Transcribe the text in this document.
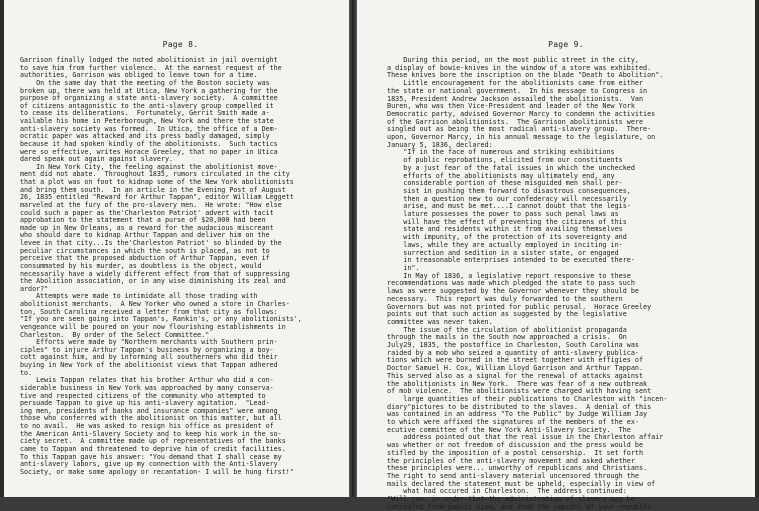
Page 8.
Garrison finally lodged the noted abolitionist in jail overnight
to save him from further violence.  At the earnest request of the
authorities, Garrison was obliged to leave town for a time.
On the same day that the meeting of the Boston society was
broken up, there was held at Utica, New York a gathering for the
purpose of organizing a state anti-slavery society.  A committee
of citizens antagonistic to the anti-slavery group compelled it
to cease its deliberations.  Fortunately, Gerrit Smith made a-
vailable his home in Peterborough, New York and there the state
anti-slavery society was formed.  In Utica, the office of a Dem-
ocratic paper was attacked and its press badly damaged, simply
because it had spoken kindly of the abolitionists.  Such tactics
were so effective, writes Horace Greeley, that no paper in Utica
dared speak out again against slavery.
In New York City, the feeling against the abolitionist move-
ment did not abate.  Throughout 1835, rumors circulated in the city
that a plot was on foot to kidnap some of the New York abolitionists
and bring them south.  In an article in the Evening Post of August
26, 1835 entitled "Reward for Arthur Tappan", editor William Leggett
marveled at the fury of the pro-slavery men.  He wrote: "How else
could such a paper as the'Charleston Patriot' advert with tacit
approbation to the statement that a purse of $20,000 had been
made up in New Orleans, as a reward for the audacious miscreant
who should dare to kidnap Arthur Tappan and deliver him on the
levee in that city...Is the'Charleston Patriot' so blinded by the
peculiar circumstances in which the south is placed, as not to
perceive that the proposed abduction of Arthur Tappan, even if
consummated by his murder, as doubtless is the object, would
necessarily have a widely different effect from that of suppressing
the Abolition association, or in any wise diminishing its zeal and
ardor?"
Attempts were made to intimidate all those trading with
abolitionist merchants.  A New Yorker who owned a store in Charles-
ton, South Carolina received a letter from that city as follows:
"If you are seen going into Tappan's, Rankin's, or any abolitionists',
vengeance will be poured on your now flourishing establishments in
Charleston.  By order of the Select Committee."
Efforts were made by "Northern merchants with Southern prin-
ciples" to injure Arthur Tappan's business by organizing a boy-
cott against him, and by informing all southerners who did their
buying in New York of the abolitionist views that Tappan adhered
to.
Lewis Tappan relates that his brother Arthur who did a con-
siderable business in New York was approached by many conserva-
tive and respected citizens of the community who attempted to
persuade Tappan to give up his anti-slavery agitation.  "Lead-
ing men, presidents of banks and insurance companies" were among
those who conferred with the abolitionist on this matter, but all
to no avail.  He was asked to resign his office as president of
the American Anti-Slavery Society and to keep his work in the so-
ciety secret.  A committee made up of representatives of the banks
came to Tappan and threatened to deprive him of credit facilities.
To this Tappan gave his answer: "You demand that I shall cease my
anti-slavery labors, give up my connection with the Anti-Slavery
Society, or make some apology or recantation- I will be hung first!"
Page 9.
During this period, on the most public street in the city,
a display of bowie-knives in the window of a store was exhibited.
These knives bore the inscription on the blade "Death to Abolition".
Little encouragement for the abolitionists came from either
the state or national government.  In his message to Congress in
1835, President Andrew Jackson assailed the abolitionists.  Van
Buren, who was then Vice-President and leader of the New York
Democratic party, advised Governor Marcy to condemn the activities
of the Garrison abolitionists.  The Garrison abolitionists were
singled out as being the most radical anti-slavery group.  There-
upon, Governor Marcy, in his annual message to the legislature, on
January 5, 1836, declared:
"If in the face of numerous and striking exhibitions
of public reprobations, elicited from our constituents
by a just fear of the fatal issues in which the unchecked
efforts of the abolitionists may ultimately end, any
considerable portion of these misguided men shall per-
sist in pushing them forward to disastrous consequences,
then a question new to our confederacy will necessarily
arise, and must be met....I cannot doubt that the legis-
lature possesses the power to pass such penal laws as
will have the effect of preventing the citizens of this
state and residents within it from availing themselves
with impunity, of the protection of its sovereignty and
laws, while they are actually employed in inciting in-
surrection and sedition in a sister state, or engaged
in treasonable enterprises intended to be executed there-
in".
In May of 1836, a legislative report responsive to these
recommendations was made which pledged the state to pass such
laws as were suggested by the Governor whenever they should be
necessary.  This report was duly forwarded to the southern
Governors but was not printed for public perusal.  Horace Greeley
points out that such action as suggested by the legislative
committee was never taken.
The issue of the circulation of abolitionist propaganda
through the mails in the South now approached a crisis.  On
July29, 1835, the postoffice in Charleston, South Carolina was
raided by a mob who seized a quantity of anti-slavery publica-
tions which were burned in the street together with effigies of
Doctor Samuel H. Cox, William Lloyd Garrison and Arthur Tappan.
This served also as a signal for the renewal of attacks against
the abolitionists in New York.  There was fear of a new outbreak
of mob violence.  The abolitionists were charged with having sent
large quantities of their publications to Charleston with "incen-
diary"pictures to be distributed to the slaves.  A denial of this
was contained in an address "To the Public" by Judge William Jay
to which were affixed the signatures of the members of the ex-
ecutive committee of the New York Anti-Slavery Society.  The
address pointed out that the real issue in the Charleston affair
was whether or not freedom of discussion and the press would be
stifled by the imposition of a postal censorship.  It set forth
the principles of the anti-slavery movement and asked whether
these principles were... unworthy of republicans and Christians.
The right to send anti-slavery material uncensored through the
mails declared the statement must be upheld, especially in view of
what had occured in Charleston.  The address continued:
"Will you, in order that the administration of slavery may be
concealed from public view, and that the capitol of your republic
